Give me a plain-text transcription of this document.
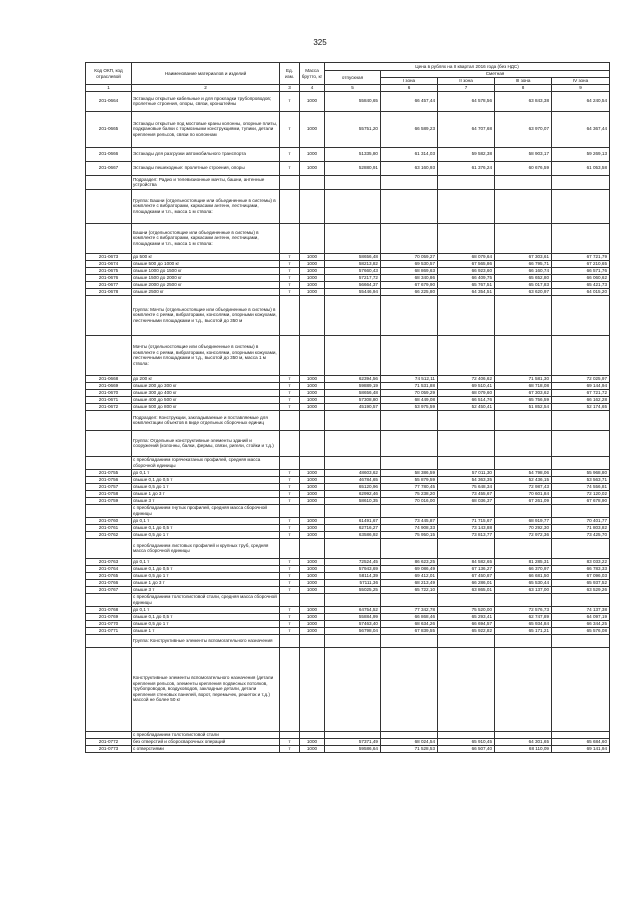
325
Код ОКП, код отраслевой	Наименование материалов и изделий	Ед. изм.	Масса брутто, кг	Цена в рублях на II квартал 2016 года (без НДС)				
				отпускная	Сметная			
					I зона	II зона	III зона	IV зона
1	2	3	4	5	6	7	8	9
201-0664	Эстакады открытые кабельные и для прокладки трубопроводов; пролетные строения, опоры, связи, кронштейны	т	1000	55840,65	66 457,44	64 578,56	63 843,38	64 240,54
201-0665	Эстакады открытые под мостовые краны колонны, опорные плиты, подкрановые балки с тормозными конструкциями, тупики, детали крепления рельсов, связи по колоннам	т	1000	55751,20	66 589,23	64 707,68	63 970,07	64 367,44
201-0666	Эстакады для разгрузки автомобильного транспорта	т	1000	51335,80	61 314,03	59 582,38	58 903,17	59 269,13
201-0667	Эстакады пешеходные: пролетные строения, опоры	т	1000	52880,91	63 160,93	61 376,24	60 676,59	61 053,58
	Подраздел: Радио и телевизионные мачты, башни, антенные устройства							
	Группа: Башни (отдельностоящие или объединенные в системы) в комплекте с вибраторами, каркасами антенн, лестницами, площадками и т.п., масса 1 м ствола:							
	Башни (отдельностоящие или объединенные в системы) в комплекте с вибраторами, каркасами антенн, лестницами, площадками и т.п., масса 1 м ствола:							
201-0673	до 500 кг	т	1000	58656,48	70 059,27	68 079,64	67 303,61	67 721,79
201-0674	свыше 500 до 1000 кг	т	1000	58213,82	69 530,57	67 565,86	66 795,71	67 210,65
201-0675	свыше 1000 до 1500 кг	т	1000	57660,43	68 869,63	66 923,60	66 160,74	66 571,76
201-0676	свыше 1500 до 2000 кг	т	1000	57217,72	68 340,86	66 409,75	65 652,80	66 060,62
201-0677	свыше 2000 до 2500 кг	т	1000	56664,37	67 679,90	65 767,51	65 017,83	65 421,73
201-0678	свыше 2500 кг	т	1000	55446,94	66 225,80	64 354,51	63 620,97	64 015,20
	Группа: Мачты (отдельностоящие или объединенные в системы) в комплекте с реями, вибраторами, консолями, опорными кожухами, лестничными площадками и т.д., высотой до 350 м							
	Мачты (отдельностоящие или объединенные в системы) в комплекте с реями, вибраторами, консолями, опорными кожухами, лестничными площадками и т.д., высотой до 350 м, масса 1 м ствола:							
201-0668	до 200 кг	т	1000	62394,56	74 512,11	72 406,62	71 581,30	72 025,97
201-0669	свыше 200 до 300 кг	т	1000	59889,19	71 531,88	69 510,41	68 718,08	69 144,94
201-0670	свыше 300 до 400 кг	т	1000	58656,48	70 059,29	68 079,60	67 303,62	67 721,72
201-0671	свыше 400 до 500 кг	т	1000	57308,80	68 449,08	66 514,76	65 756,59	66 162,28
201-0672	свыше 500 до 800 кг	т	1000	45190,57	53 975,59	52 450,41	51 852,54	52 174,65
	Подраздел: Конструкции, закладываемые и поставляемые для комплектации объектов в виде отдельных сборочных единиц							
	Группа: Отдельные конструктивные элементы зданий и сооружений (колонны, балки, фермы, связи, ригели, стойки и т.д.)							
	с преобладанием горячекатаных профилей, средняя масса сборочной единицы							
201-0755	до 0,1 т	т	1000	48603,62	58 386,59	57 011,30	54 798,06	55 968,80
201-0756	свыше 0,1 до 0,5 т	т	1000	46784,65	55 879,59	54 363,35	52 436,15	53 563,71
201-0757	свыше 0,5 до 1 т	т	1000	65120,96	77 780,45	75 648,34	72 987,43	74 556,81
201-0758	свыше 1 до 3 т	т	1000	62992,46	75 238,20	73 455,67	70 601,84	72 120,02
201-0759	свыше 3 т	т	1000	58610,35	70 016,00	68 036,37	67 261,09	67 678,90
	с преобладанием гнутых профилей, средняя масса сборочной единицы							
201-0760	до 0,1 т	т	1000	61491,67	73 445,87	71 715,67	68 919,77	70 401,77
201-0761	свыше 0,1 до 0,5 т	т	1000	62716,27	74 908,33	73 143,88	70 292,30	71 803,82
201-0762	свыше 0,5 до 1 т	т	1000	63586,92	75 950,15	73 813,77	72 972,36	73 425,70
	с преобладанием листовых профилей и крупных труб, средняя масса сборочной единицы							
201-0763	до 0,1 т	т	1000	72524,45	86 623,25	84 582,65	81 285,31	83 033,22
201-0764	свыше 0,1 до 0,5 т	т	1000	57943,69	69 086,49	67 136,27	66 370,97	66 783,33
201-0765	свыше 0,5 до 1 т	т	1000	58114,39	69 412,01	67 450,87	66 681,50	67 096,03
201-0766	свыше 1 до 3 т	т	1000	57111,36	68 213,49	66 286,01	65 530,44	65 937,52
201-0767	свыше 3 т	т	1000	55025,25	65 722,10	63 865,01	63 137,00	63 529,26
	с преобладанием толстолистовой стали, средняя масса сборочной единицы							
201-0768	до 0,1 т	т	1000	64754,52	77 342,78	75 520,00	72 576,73	74 137,38
201-0769	свыше 0,1 до 0,5 т	т	1000	55884,99	66 868,46	65 293,41	62 747,89	64 097,19
201-0770	свыше 0,5 до 1 т	т	1000	57463,40	68 634,26	66 694,57	65 934,84	66 344,25
201-0771	свыше 1 т	т	1000	56798,04	67 839,55	65 922,82	65 171,21	65 576,08
	Группа: Конструктивные элементы вспомогательного назначения							
	Конструктивные элементы вспомогательного назначения (детали крепления рельсов, элементы крепления подвесных потолков, трубопроводов, воздуховодов, закладные детали, детали крепления стеновых панелей, ворот, перемычек, решеток и т.д.) массой не более 50 кг							
	с преобладанием толстолистовой стали							
201-0772	без отверстий и сборосварочных операций	т	1000	57371,49	68 024,54	65 910,45	64 301,65	65 684,60
201-0773	с отверстиями	т	1000	59586,64	71 528,53	66 507,40	68 110,09	69 141,94
